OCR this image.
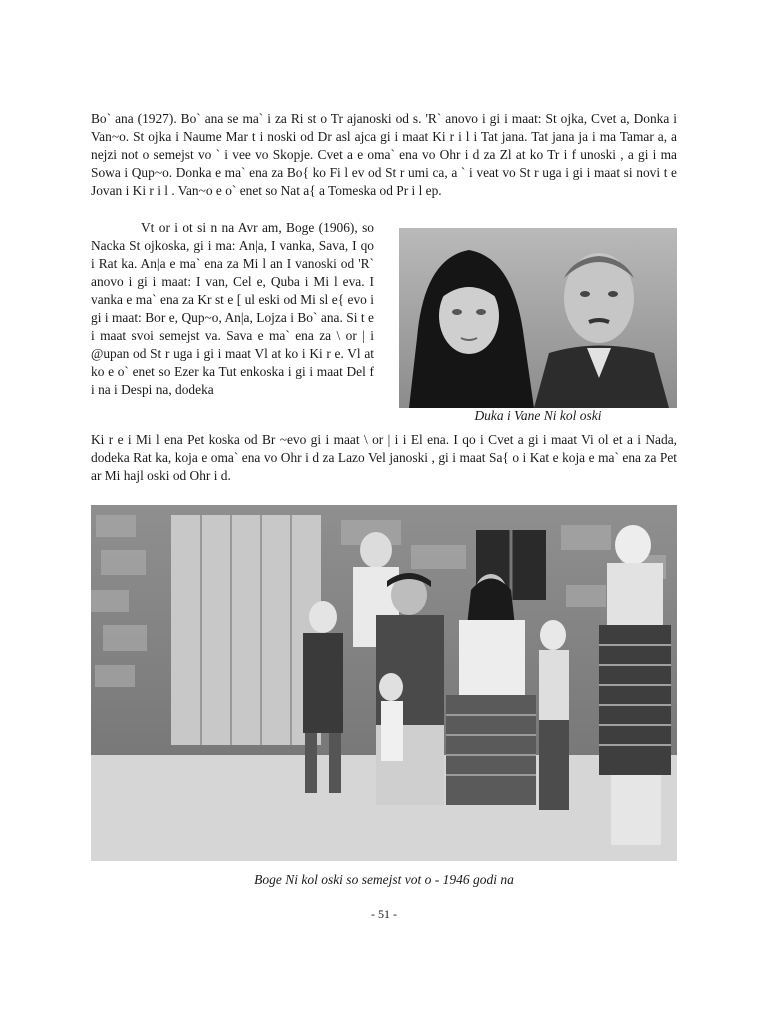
Bo` ana (1927). Bo` ana se ma` i za Ri st o Tr ajanoski od s. 'R` anovo i gi i maat: St ojka, Cvet a, Donka i Van~o. St ojka i Naume Mar t i noski od Dr asl ajca gi i maat Ki r i l i Tat jana. Tat jana ja i ma Tamar a, a nejzi not o semejst vo ` i vee vo Skopje. Cvet a e oma` ena vo Ohr i d za Zl at ko Tr i f unoski , a gi i ma Sowa i Qup~o. Donka e ma` ena za Bo{ ko Fi l ev od St r umi ca, a ` i veat vo St r uga i gi i maat si novi t e Jovan i Ki r i l . Van~o e o` enet so Nat a{ a Tomeska od Pr i l ep.

Vt or i ot si n na Avr am, Boge (1906), so Nacka St ojkoska, gi i ma: An|a, I vanka, Sava, I qo i Rat ka. An|a e ma` ena za Mi l an I vanoski od 'R` anovo i gi i maat: I van, Cel e, Quba i Mi l eva. I vanka e ma` ena za Kr st e [ ul eski od Mi sl e{ evo i gi i maat: Bor e, Qup~o, An|a, Lojza i Bo` ana. Si t e i maat svoi semejst va. Sava e ma` ena za \ or | i @upan od St r uga i gi i maat Vl at ko i Ki r e. Vl at ko e o` enet so Ezer ka Tut enkoska i gi i maat Del f i na i Despi na, dodeka

Duka i Vane Ni kol oski

Ki r e i Mi l ena Pet koska od Br ~evo gi i maat \ or | i i El ena. I qo i Cvet a gi i maat Vi ol et a i Nada, dodeka Rat ka, koja e oma` ena vo Ohr i d za Lazo Vel janoski , gi i maat Sa{ o i Kat e koja e ma` ena za Pet ar Mi hajl oski od Ohr i d.

Boge Ni kol oski so semejst vot o - 1946 godi na

- 51 -
